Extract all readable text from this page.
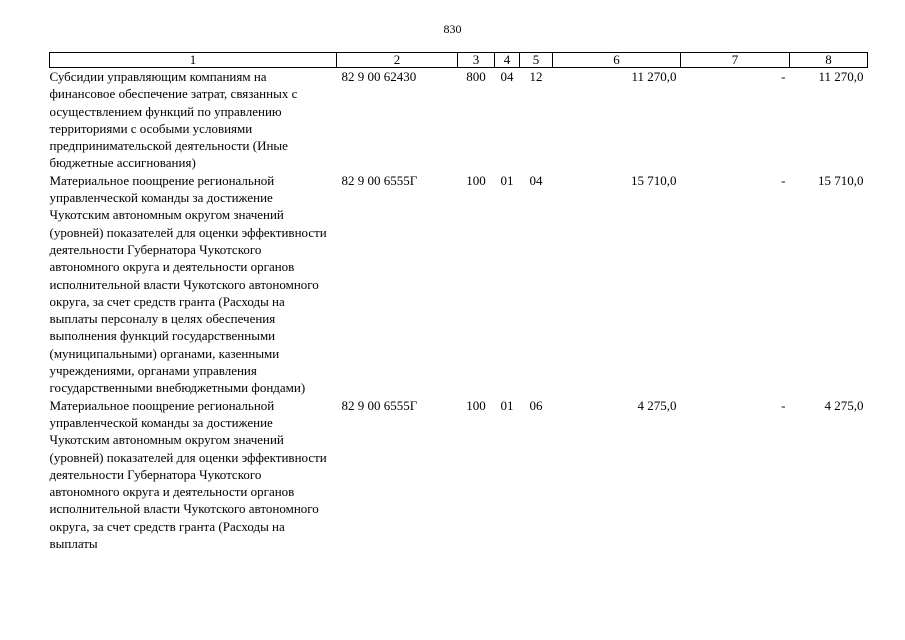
830
1	2	3	4	5	6	7	8
Субсидии управляющим компаниям на финансовое обеспечение затрат, связанных с осуществлением функций по управлению территориями с особыми условиями предпринимательской деятельности (Иные бюджетные ассигнования)	82 9 00 62430	800	04	12	11 270,0	-	11 270,0
Материальное поощрение региональной управленческой команды за достижение Чукотским автономным округом значений (уровней) показателей для оценки эффективности деятельности Губернатора Чукотского автономного округа и деятельности органов исполнительной власти Чукотского автономного округа, за счет средств гранта (Расходы на выплаты персоналу в целях обеспечения выполнения функций государственными (муниципальными) органами, казенными учреждениями, органами управления государственными внебюджетными фондами)	82 9 00 6555Г	100	01	04	15 710,0	-	15 710,0
Материальное поощрение региональной управленческой команды за достижение Чукотским автономным округом значений (уровней) показателей для оценки эффективности деятельности Губернатора Чукотского автономного округа и деятельности органов исполнительной власти Чукотского автономного округа, за счет средств гранта (Расходы на выплаты	82 9 00 6555Г	100	01	06	4 275,0	-	4 275,0
